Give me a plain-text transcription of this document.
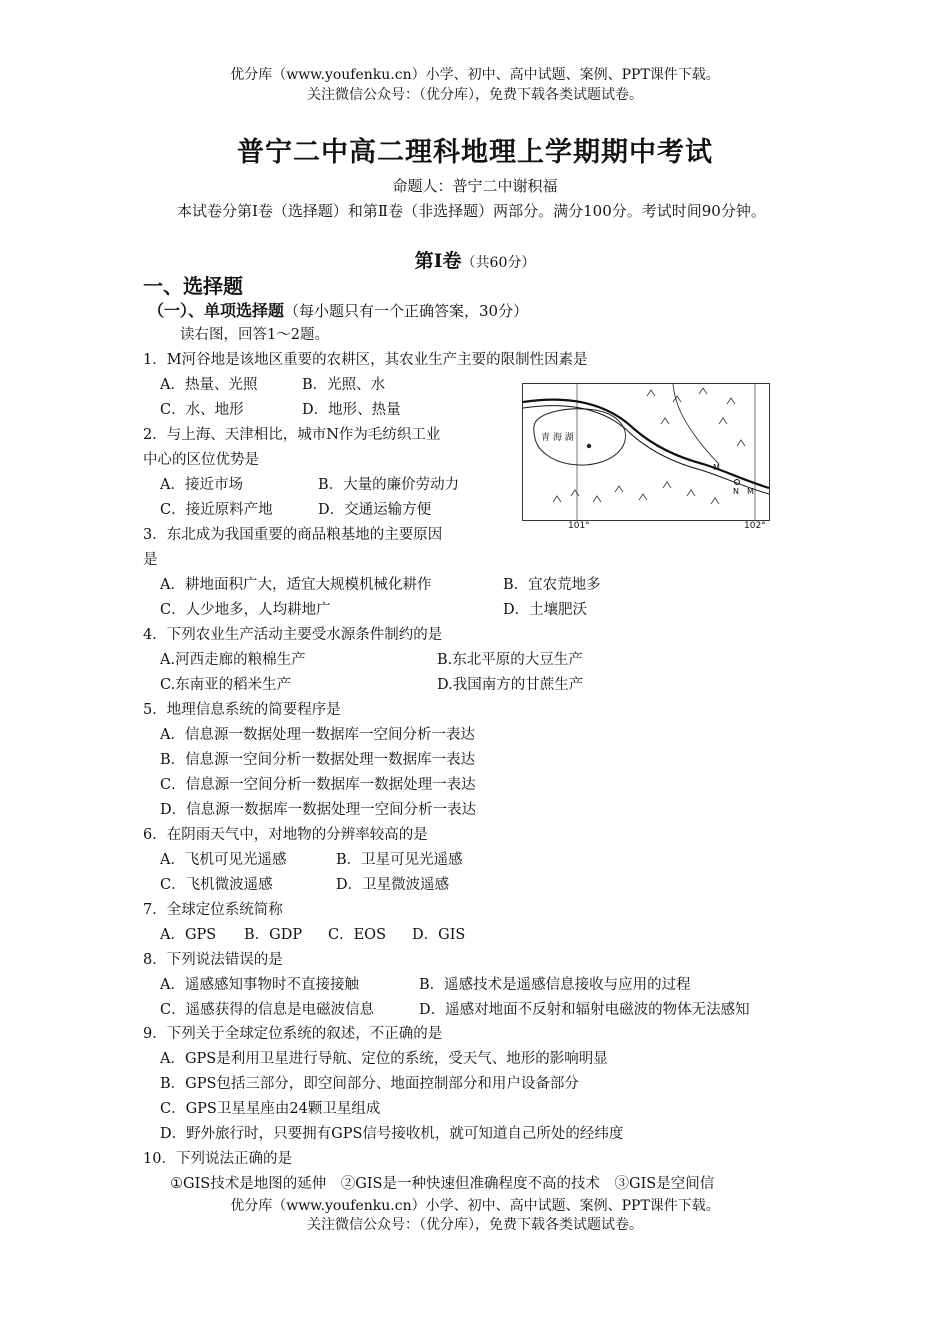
优分库（www.youfenku.cn）小学、初中、高中试题、案例、PPT课件下载。
关注微信公众号：（优分库），免费下载各类试题试卷。
普宁二中高二理科地理上学期期中考试
命题人：普宁二中谢积福
本试卷分第Ⅰ卷（选择题）和第Ⅱ卷（非选择题）两部分。满分100分。考试时间90分钟。
第Ⅰ卷（共60分）
一、选择题
（一）、单项选择题（每小题只有一个正确答案，30分）
读右图，回答1～2题。
1．M河谷地是该地区重要的农耕区，其农业生产主要的限制性因素是
A．热量、光照	B．光照、水
C．水、地形	D．地形、热量
2．与上海、天津相比，城市N作为毛纺织工业
中心的区位优势是
A．接近市场	B．大量的廉价劳动力
C．接近原料产地	D．交通运输方便
青 海 湖
M
N M
101°	102°
3．东北成为我国重要的商品粮基地的主要原因
是
A．耕地面积广大，适宜大规模机械化耕作	B．宜农荒地多
C．人少地多，人均耕地广	D．土壤肥沃
4．下列农业生产活动主要受水源条件制约的是
A.河西走廊的粮棉生产	B.东北平原的大豆生产
C.东南亚的稻米生产	D.我国南方的甘蔗生产
5．地理信息系统的简要程序是
A．信息源一数据处理一数据库一空间分析一表达
B．信息源一空间分析一数据处理一数据库一表达
C．信息源一空间分析一数据库一数据处理一表达
D．信息源一数据库一数据处理一空间分析一表达
6．在阴雨天气中，对地物的分辨率较高的是
A．飞机可见光遥感	B．卫星可见光遥感
C．飞机微波遥感	D．卫星微波遥感
7．全球定位系统简称
A．GPS B．GDP C．EOS D．GIS
8．下列说法错误的是
A．遥感感知事物时不直接接触	B．遥感技术是遥感信息接收与应用的过程
C．遥感获得的信息是电磁波信息	D．遥感对地面不反射和辐射电磁波的物体无法感知
9．下列关于全球定位系统的叙述，不正确的是
A．GPS是利用卫星进行导航、定位的系统，受天气、地形的影响明显
B．GPS包括三部分，即空间部分、地面控制部分和用户设备部分
C．GPS卫星星座由24颗卫星组成
D．野外旅行时，只要拥有GPS信号接收机，就可知道自己所处的经纬度
10．下列说法正确的是
①GIS技术是地图的延伸　②GIS是一种快速但准确程度不高的技术　③GIS是空间信
优分库（www.youfenku.cn）小学、初中、高中试题、案例、PPT课件下载。
关注微信公众号：（优分库），免费下载各类试题试卷。
